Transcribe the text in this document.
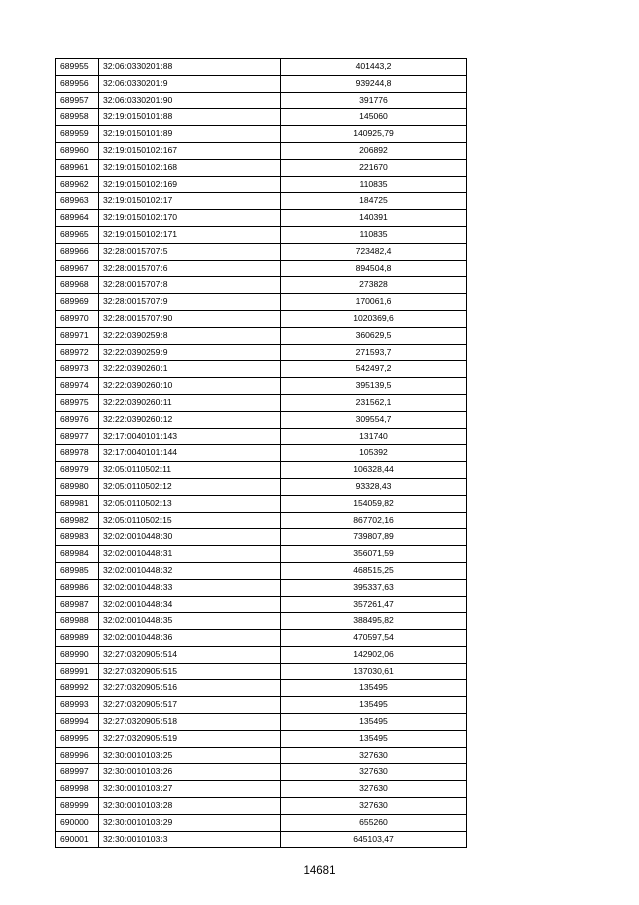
689955	32:06:0330201:88	401443,2
689956	32:06:0330201:9	939244,8
689957	32:06:0330201:90	391776
689958	32:19:0150101:88	145060
689959	32:19:0150101:89	140925,79
689960	32:19:0150102:167	206892
689961	32:19:0150102:168	221670
689962	32:19:0150102:169	110835
689963	32:19:0150102:17	184725
689964	32:19:0150102:170	140391
689965	32:19:0150102:171	110835
689966	32:28:0015707:5	723482,4
689967	32:28:0015707:6	894504,8
689968	32:28:0015707:8	273828
689969	32:28:0015707:9	170061,6
689970	32:28:0015707:90	1020369,6
689971	32:22:0390259:8	360629,5
689972	32:22:0390259:9	271593,7
689973	32:22:0390260:1	542497,2
689974	32:22:0390260:10	395139,5
689975	32:22:0390260:11	231562,1
689976	32:22:0390260:12	309554,7
689977	32:17:0040101:143	131740
689978	32:17:0040101:144	105392
689979	32:05:0110502:11	106328,44
689980	32:05:0110502:12	93328,43
689981	32:05:0110502:13	154059,82
689982	32:05:0110502:15	867702,16
689983	32:02:0010448:30	739807,89
689984	32:02:0010448:31	356071,59
689985	32:02:0010448:32	468515,25
689986	32:02:0010448:33	395337,63
689987	32:02:0010448:34	357261,47
689988	32:02:0010448:35	388495,82
689989	32:02:0010448:36	470597,54
689990	32:27:0320905:514	142902,06
689991	32:27:0320905:515	137030,61
689992	32:27:0320905:516	135495
689993	32:27:0320905:517	135495
689994	32:27:0320905:518	135495
689995	32:27:0320905:519	135495
689996	32:30:0010103:25	327630
689997	32:30:0010103:26	327630
689998	32:30:0010103:27	327630
689999	32:30:0010103:28	327630
690000	32:30:0010103:29	655260
690001	32:30:0010103:3	645103,47
14681
